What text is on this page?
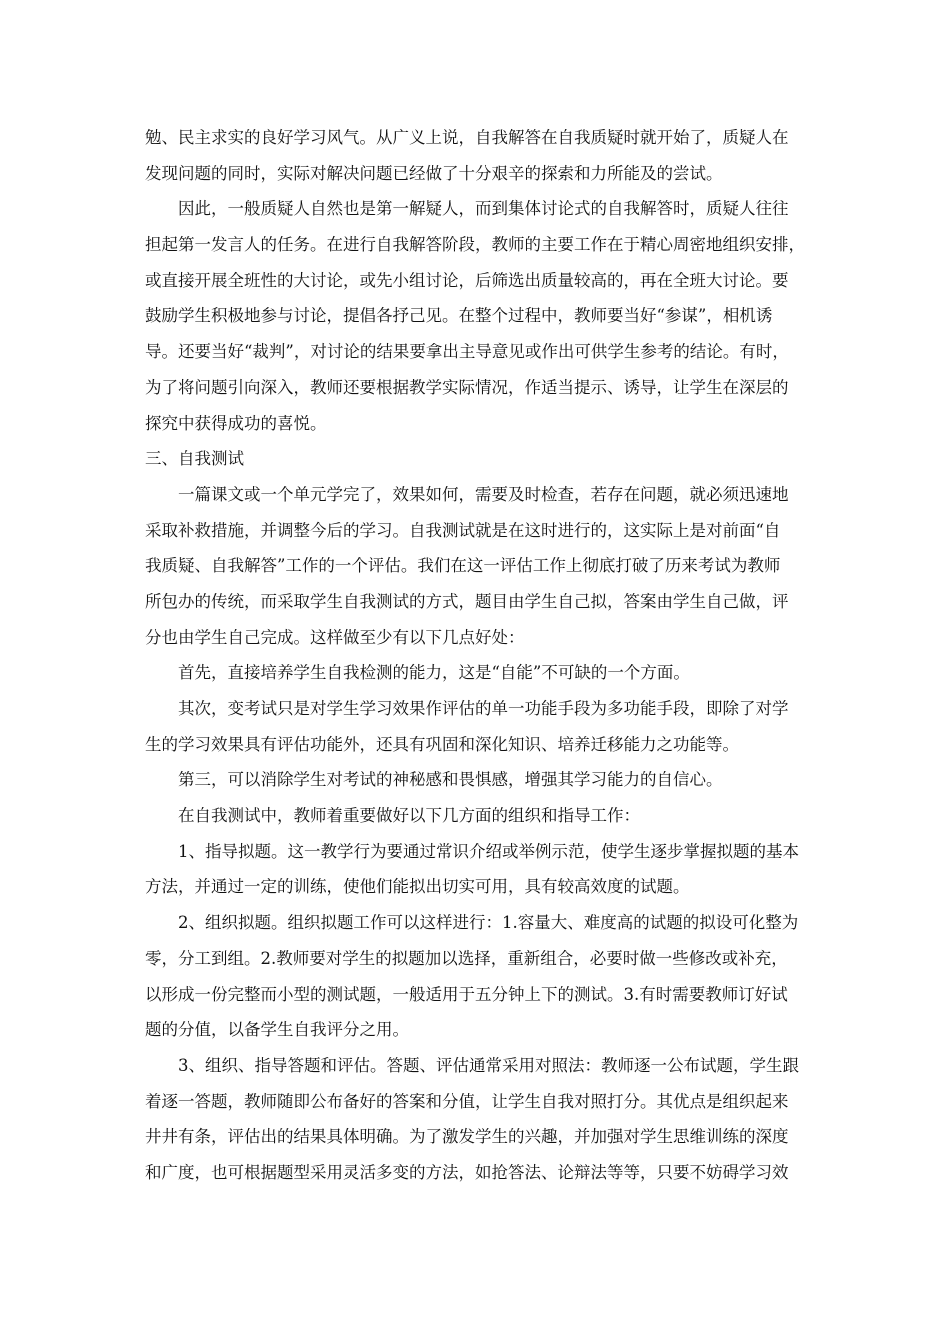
勉、民主求实的良好学习风气。从广义上说，自我解答在自我质疑时就开始了，质疑人在
发现问题的同时，实际对解决问题已经做了十分艰辛的探索和力所能及的尝试。
因此，一般质疑人自然也是第一解疑人，而到集体讨论式的自我解答时，质疑人往往
担起第一发言人的任务。在进行自我解答阶段，教师的主要工作在于精心周密地组织安排，
或直接开展全班性的大讨论，或先小组讨论，后筛选出质量较高的，再在全班大讨论。要
鼓励学生积极地参与讨论，提倡各抒己见。在整个过程中，教师要当好“参谋”，相机诱
导。还要当好“裁判”，对讨论的结果要拿出主导意见或作出可供学生参考的结论。有时，
为了将问题引向深入，教师还要根据教学实际情况，作适当提示、诱导，让学生在深层的
探究中获得成功的喜悦。
三、自我测试
一篇课文或一个单元学完了，效果如何，需要及时检查，若存在问题，就必须迅速地
采取补救措施，并调整今后的学习。自我测试就是在这时进行的，这实际上是对前面“自
我质疑、自我解答”工作的一个评估。我们在这一评估工作上彻底打破了历来考试为教师
所包办的传统，而采取学生自我测试的方式，题目由学生自己拟，答案由学生自己做，评
分也由学生自己完成。这样做至少有以下几点好处：
首先，直接培养学生自我检测的能力，这是“自能”不可缺的一个方面。
其次，变考试只是对学生学习效果作评估的单一功能手段为多功能手段，即除了对学
生的学习效果具有评估功能外，还具有巩固和深化知识、培养迁移能力之功能等。
第三，可以消除学生对考试的神秘感和畏惧感，增强其学习能力的自信心。
在自我测试中，教师着重要做好以下几方面的组织和指导工作：
1、指导拟题。这一教学行为要通过常识介绍或举例示范，使学生逐步掌握拟题的基本
方法，并通过一定的训练，使他们能拟出切实可用，具有较高效度的试题。
2、组织拟题。组织拟题工作可以这样进行：1.容量大、难度高的试题的拟设可化整为
零，分工到组。2.教师要对学生的拟题加以选择，重新组合，必要时做一些修改或补充，
以形成一份完整而小型的测试题，一般适用于五分钟上下的测试。3.有时需要教师订好试
题的分值，以备学生自我评分之用。
3、组织、指导答题和评估。答题、评估通常采用对照法：教师逐一公布试题，学生跟
着逐一答题，教师随即公布备好的答案和分值，让学生自我对照打分。其优点是组织起来
井井有条，评估出的结果具体明确。为了激发学生的兴趣，并加强对学生思维训练的深度
和广度，也可根据题型采用灵活多变的方法，如抢答法、论辩法等等，只要不妨碍学习效
